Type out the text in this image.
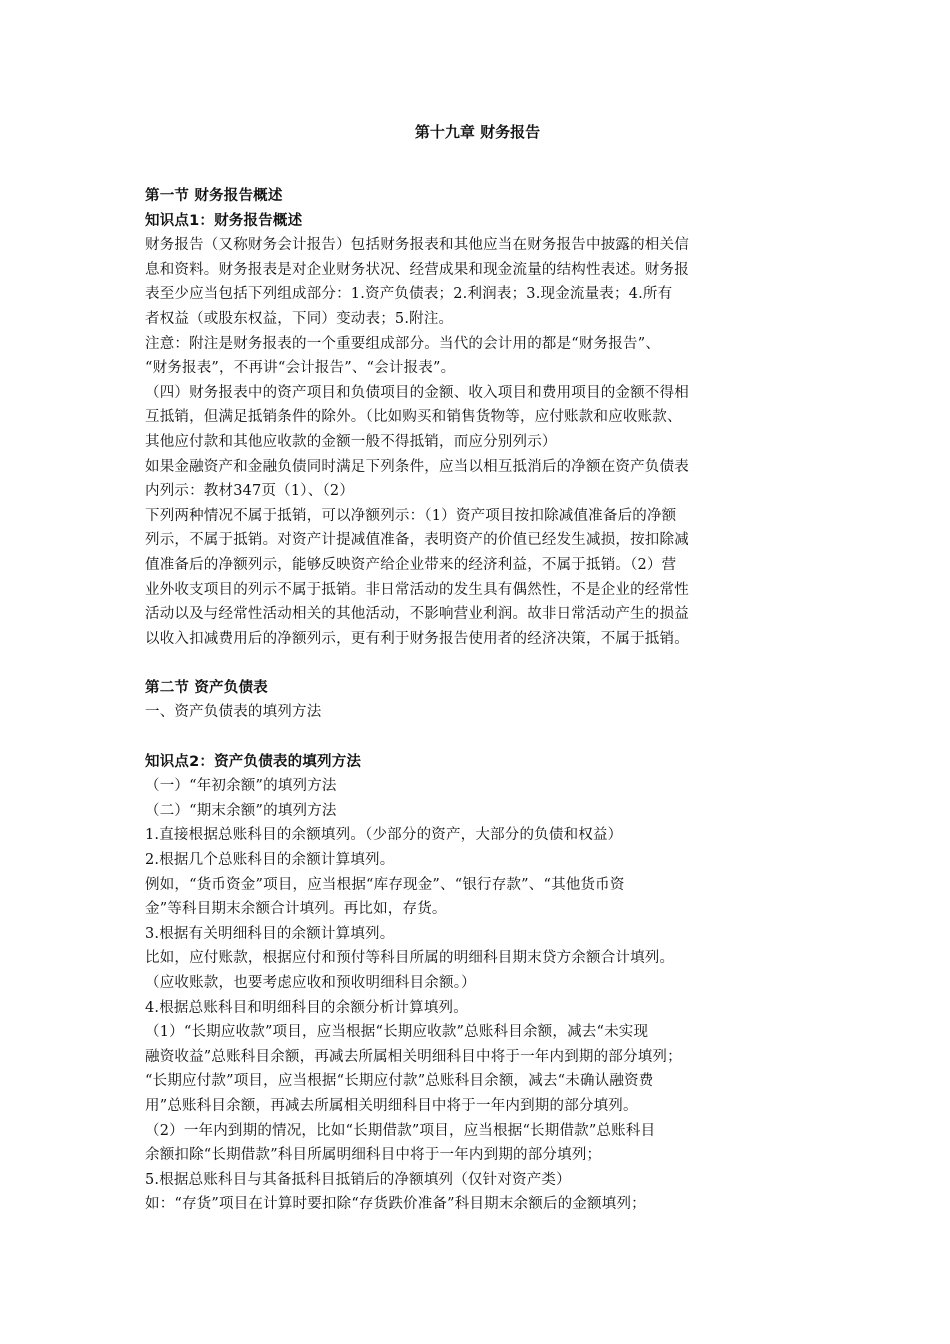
第十九章 财务报告
第一节 财务报告概述
知识点1：财务报告概述
财务报告（又称财务会计报告）包括财务报表和其他应当在财务报告中披露的相关信
息和资料。财务报表是对企业财务状况、经营成果和现金流量的结构性表述。财务报
表至少应当包括下列组成部分：1.资产负债表；2.利润表；3.现金流量表；4.所有
者权益（或股东权益，下同）变动表；5.附注。
注意：附注是财务报表的一个重要组成部分。当代的会计用的都是“财务报告”、
“财务报表”，不再讲“会计报告”、“会计报表”。
（四）财务报表中的资产项目和负债项目的金额、收入项目和费用项目的金额不得相
互抵销，但满足抵销条件的除外。（比如购买和销售货物等，应付账款和应收账款、
其他应付款和其他应收款的金额一般不得抵销，而应分别列示）
如果金融资产和金融负债同时满足下列条件，应当以相互抵消后的净额在资产负债表
内列示：教材347页（1）、（2）
下列两种情况不属于抵销，可以净额列示：（1）资产项目按扣除减值准备后的净额
列示，不属于抵销。对资产计提减值准备，表明资产的价值已经发生减损，按扣除减
值准备后的净额列示，能够反映资产给企业带来的经济利益，不属于抵销。（2）营
业外收支项目的列示不属于抵销。非日常活动的发生具有偶然性，不是企业的经常性
活动以及与经常性活动相关的其他活动，不影响营业利润。故非日常活动产生的损益
以收入扣减费用后的净额列示，更有利于财务报告使用者的经济决策，不属于抵销。
第二节 资产负债表
一、资产负债表的填列方法
知识点2：资产负债表的填列方法
（一）“年初余额”的填列方法
（二）“期末余额”的填列方法
1.直接根据总账科目的余额填列。（少部分的资产，大部分的负债和权益）
2.根据几个总账科目的余额计算填列。
例如，“货币资金”项目，应当根据“库存现金”、“银行存款”、“其他货币资
金”等科目期末余额合计填列。再比如，存货。
3.根据有关明细科目的余额计算填列。
比如，应付账款，根据应付和预付等科目所属的明细科目期末贷方余额合计填列。
（应收账款，也要考虑应收和预收明细科目余额。）
4.根据总账科目和明细科目的余额分析计算填列。
（1）“长期应收款”项目，应当根据“长期应收款”总账科目余额，减去“未实现
融资收益”总账科目余额，再减去所属相关明细科目中将于一年内到期的部分填列；
“长期应付款”项目，应当根据“长期应付款”总账科目余额，减去“未确认融资费
用”总账科目余额，再减去所属相关明细科目中将于一年内到期的部分填列。
（2）一年内到期的情况，比如“长期借款”项目，应当根据“长期借款”总账科目
余额扣除“长期借款”科目所属明细科目中将于一年内到期的部分填列；
5.根据总账科目与其备抵科目抵销后的净额填列（仅针对资产类）
如：“存货”项目在计算时要扣除“存货跌价准备”科目期末余额后的金额填列；
